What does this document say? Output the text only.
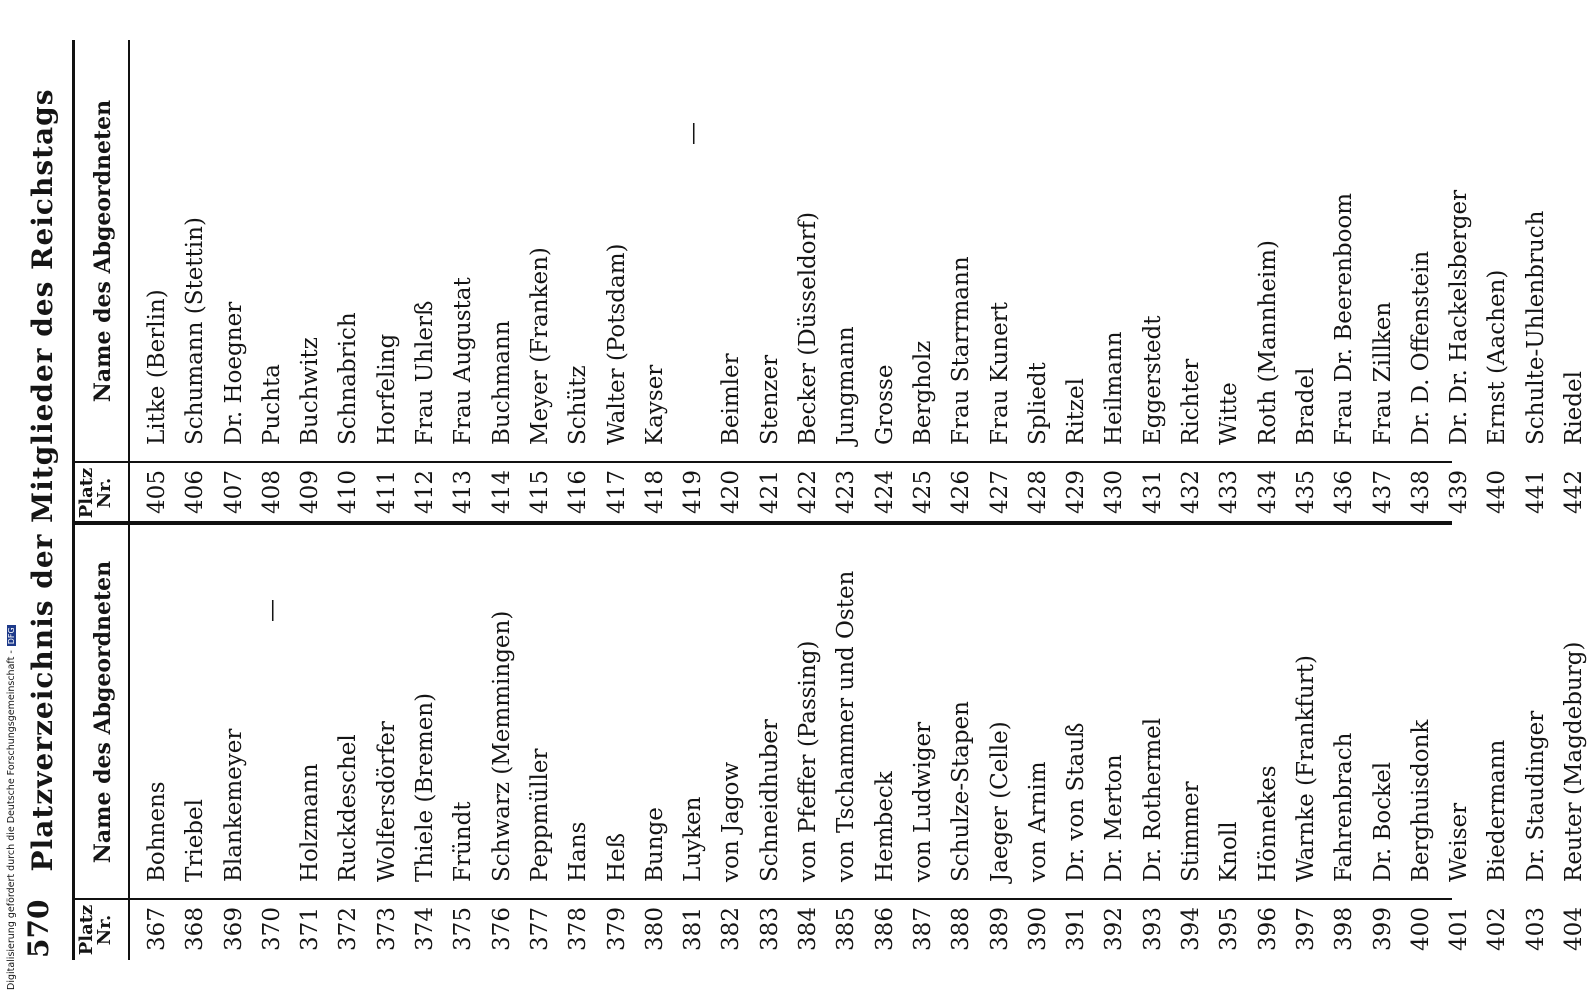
570
Platzverzeichnis der Mitglieder des Reichstags
Platz
Nr.
Name des Abgeordneten
Platz
Nr.
Name des Abgeordneten
367 368 369 370 371 372 373 374 375 376 377 378 379 380 381 382 383 384 385 386 387 388 389 390 391 392 393 394 395 396 397 398 399 400 401 402 403 404
Bohnens Triebel Blankemeyer
—
Holzmann Ruckdeschel Wolfersdörfer Thiele (Bremen) Fründt Schwarz (Memmingen) Peppmüller Hans Heß Bunge Luyken von Jagow Schneidhuber von Pfeffer (Passing) von Tschammer und Osten Hembeck von Ludwiger Schulze-Stapen Jaeger (Celle) von Arnim Dr. von Stauß Dr. Merton Dr. Rothermel Stimmer Knoll Hönnekes Warnke (Frankfurt) Fahrenbrach Dr. Bockel Berghuisdonk Weiser Biedermann Dr. Staudinger Reuter (Magdeburg)
405 406 407 408 409 410 411 412 413 414 415 416 417 418 419 420 421 422 423 424 425 426 427 428 429 430 431 432 433 434 435 436 437 438 439 440 441 442
Litke (Berlin) Schumann (Stettin) Dr. Hoegner Puchta Buchwitz Schnabrich Horfeling Frau Uhlerß Frau Augustat Buchmann Meyer (Franken) Schütz Walter (Potsdam) Kayser
—
Beimler Stenzer Becker (Düsseldorf) Jungmann Grosse Bergholz Frau Starrmann Frau Kunert Spliedt Ritzel Heilmann Eggerstedt Richter Witte Roth (Mannheim) Bradel Frau Dr. Beerenboom Frau Zillken Dr. D. Offenstein Dr. Dr. Hackelsberger Ernst (Aachen) Schulte-Uhlenbruch Riedel
Digitalisierung gefördert durch die Deutsche Forschungsgemeinschaft -DFG
